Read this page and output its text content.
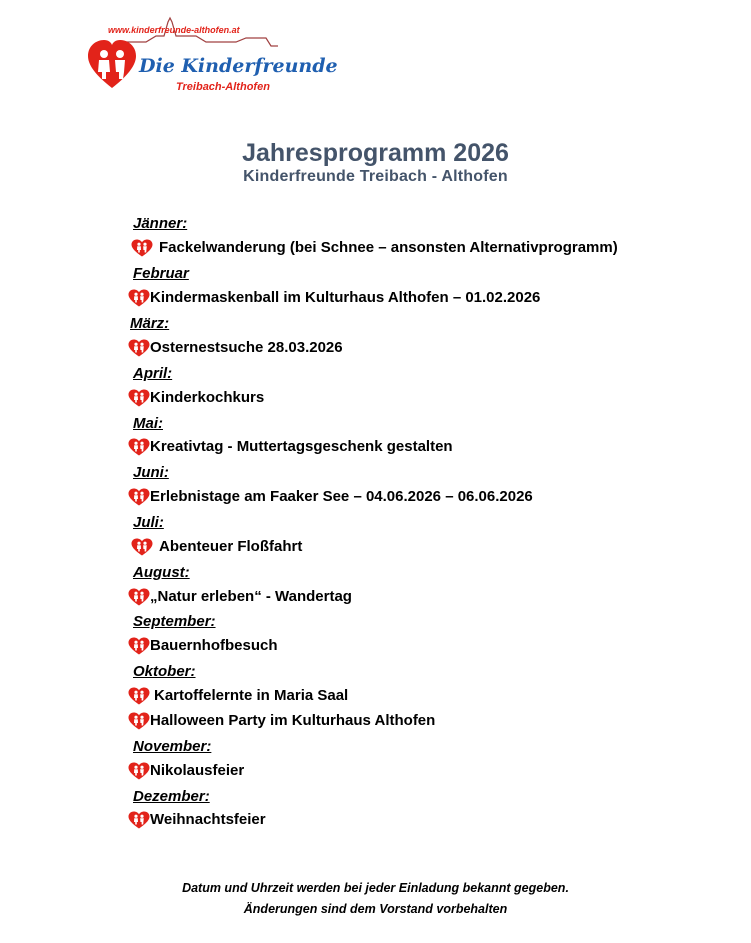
www.kinderfreunde-althofen.at
Die Kinderfreunde
Treibach-Althofen
Jahresprogramm 2026
Kinderfreunde Treibach - Althofen
Jänner:
Februar
März:
April:
Mai:
Juni:
Juli:
August:
September:
Oktober:
November:
Dezember:
Fackelwanderung (bei Schnee – ansonsten Alternativprogramm)
Kindermaskenball im Kulturhaus Althofen – 01.02.2026
Osternestsuche 28.03.2026
Kinderkochkurs
Kreativtag - Muttertagsgeschenk gestalten
Erlebnistage am Faaker See – 04.06.2026 – 06.06.2026
Abenteuer Floßfahrt
„Natur erleben“ - Wandertag
Bauernhofbesuch
Kartoffelernte in Maria Saal
Halloween Party im Kulturhaus Althofen
Nikolausfeier
Weihnachtsfeier
Datum und Uhrzeit werden bei jeder Einladung bekannt gegeben.
Änderungen sind dem Vorstand vorbehalten
